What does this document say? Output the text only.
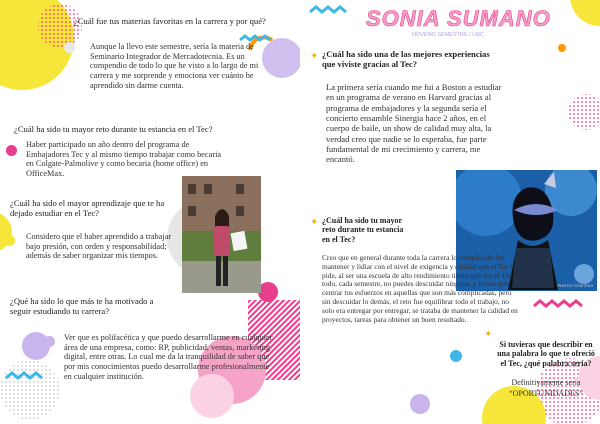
¿Cuál fue tus materias favoritas en la carrera y por qué?
Aunque la llevo este semestre, sería la materia de Seminario Integrador de Mercadotecnia. Es un compendio de todo lo que he visto a lo largo de mi carrera y me sorprende y emociona ver cuánto he aprendido sin darme cuenta.
¿Cuál ha sido tu mayor reto durante tu estancia en el Tec?
Haber participado un año dentro del programa de Embajadores Tec y al mismo tiempo trabajar como becaria en Colgate-Palmolive y como becaria (home office) en OfficeMax.
¿Cuál ha sido el mayor aprendizaje que te ha dejado estudiar en el Tec?
Considero que el haber aprendido a trabajar bajo presión, con orden y responsabilidad; además de saber organizar mis tiempos.
¿Qué ha sido lo que más te ha motivado a seguir estudiando tu carrera?
Ver que es polifacética y que puedo desarrollarme en cualquier área de una empresa, como: RP, publicidad, ventas, marketing digital, entre otras. Lo cual me da la tranquilidad de saber que por mis conocimientos puedo desarrollarme profesionalmente en cualquier institución.
SONIA SUMANO
NOVENO SEMESTRE / LMC
✦ ¿Cuál ha sido una de las mejores experiencias que viviste gracias al Tec?
La primera sería cuando me fui a Boston a estudiar en un programa de verano en Harvard gracias al programa de embajadores y la segunda sería el concierto ensamble Sinergia hace 2 años, en el cuerpo de baile, un show de calidad muy alta, la verdad creo que nadie se lo esperaba, fue parte fundamental de mi crecimiento y carrera, me encantó.
PHOTO: CCM 2015
✦ ¿Cuál ha sido tu mayor reto durante tu estancia en el Tec?
Creo que en general durante toda la carrera lo complicado fue mantener y lidiar con el nivel de exigencia y calidad que el Tec te pide, al ser una escuela de alto rendimiento tienes que dar el 100 a todo, cada semestre, no puedes descuidar ninguna, y tienes que centrar tus esfuerzos en aquellas que son más complicadas, pero sin descuidar lo demás, el reto fue equilibrar todo el trabajo, no solo era entregar por entregar, se trataba de mantener la calidad en proyectos, tareas para obtener un buen resultado.
✦
Si tuvieras que describir en una palabra lo que te ofreció el Tec, ¿qué palabra sería?
Definitivamente sería
“OPORTUNIDADES”
